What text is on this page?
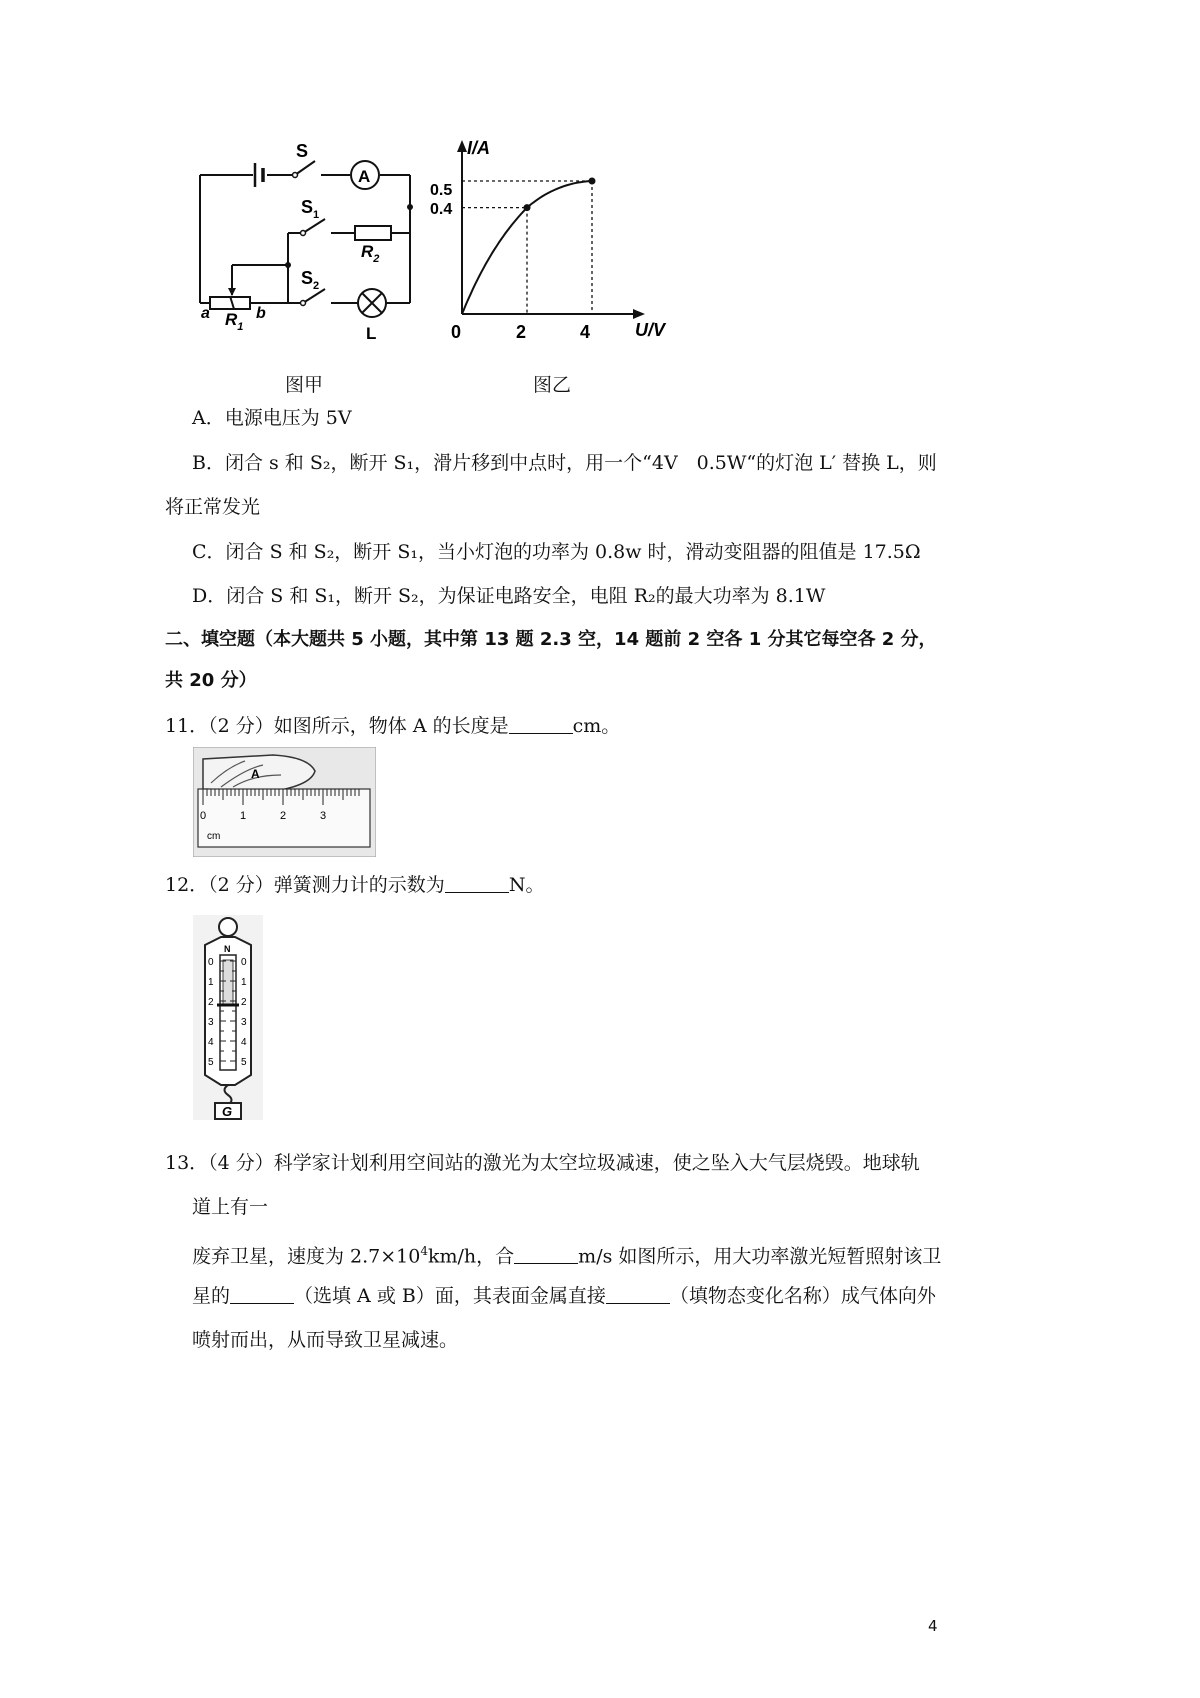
S
A
$S_1$
$R_2$
$S_2$
a $R_1$
b
L
I/A
U/V
0.5
0.4
0	2	4
图甲	图乙
A．电源电压为 5V
B．闭合 s 和 S₂，断开 S₁，滑片移到中点时，用一个“4V　0.5W“的灯泡 L′ 替换 L，则
将正常发光
C．闭合 S 和 S₂，断开 S₁，当小灯泡的功率为 0.8w 时，滑动变阻器的阻值是 17.5Ω
D．闭合 S 和 S₁，断开 S₂，为保证电路安全，电阻 R₂的最大功率为 8.1W
二、填空题（本大题共 5 小题，其中第 13 题 2.3 空，14 题前 2 空各 1 分其它每空各 2 分，
共 20 分）
11．（2 分）如图所示，物体 A 的长度是	cm。
A
0	1	2	3
cm
12．（2 分）弹簧测力计的示数为	N。
N
0
1
2
3
4
5
0
1
2
3
4
5
G
13．（4 分）科学家计划利用空间站的激光为太空垃圾减速，使之坠入大气层烧毁。地球轨
道上有一
废弃卫星，速度为 $2.7\times 10^4km/h$，合	m/s 如图所示，用大功率激光短暂照射该卫
星的	（选填 A 或 B）面，其表面金属直接	（填物态变化名称）成气体向外
喷射而出，从而导致卫星减速。
4
